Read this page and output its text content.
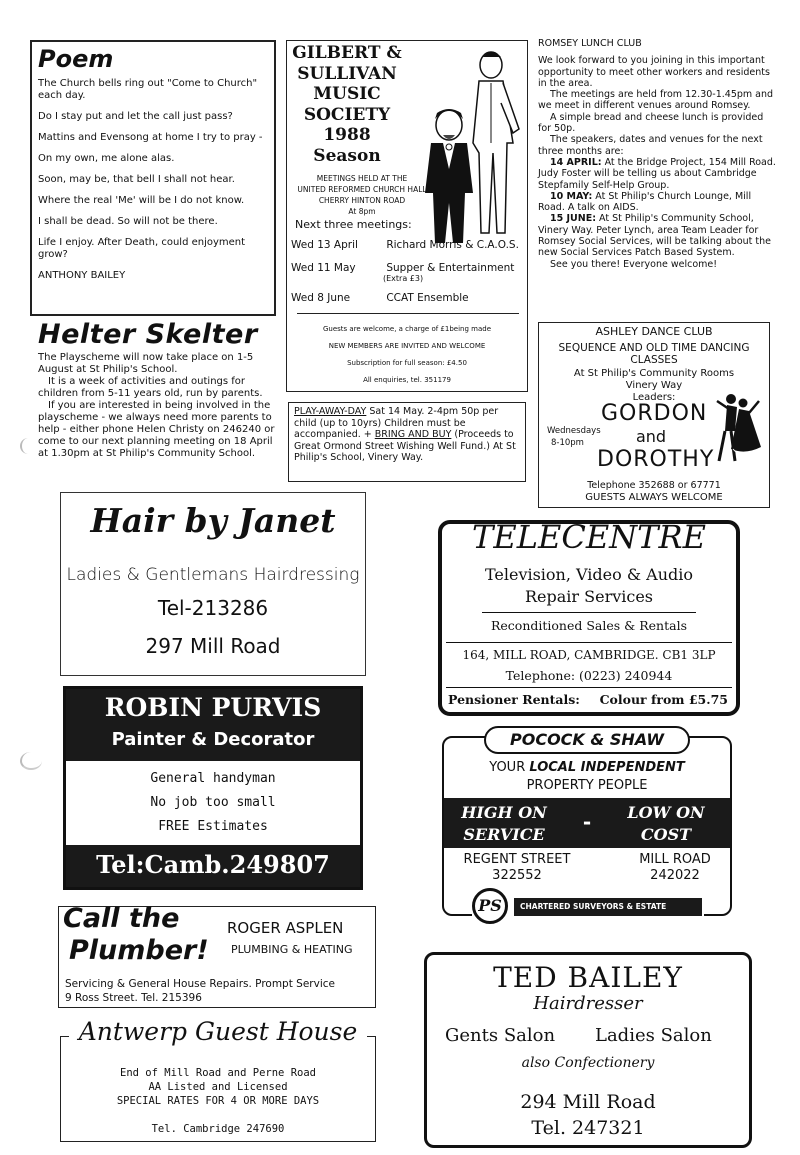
Poem
The Church bells ring out "Come to Church" each day.
Do I stay put and let the call just pass?
Mattins and Evensong at home I try to pray -
On my own, me alone alas.
Soon, may be, that bell I shall not hear.
Where the real 'Me' will be I do not know.
I shall be dead. So will not be there.
Life I enjoy. After Death, could enjoyment grow?
ANTHONY BAILEY
Helter Skelter
The Playscheme will now take place on 1-5 August at St Philip's School.
It is a week of activities and outings for children from 5-11 years old, run by parents.
If you are interested in being involved in the playscheme - we always need more parents to help - either phone Helen Christy on 246240 or come to our next planning meeting on 18 April at 1.30pm at St Philip's Community School.
GILBERT &
SULLIVAN
MUSIC
SOCIETY
1988
Season
MEETINGS HELD AT THE
UNITED REFORMED CHURCH HALL
CHERRY HINTON ROAD
At 8pm
Next three meetings:
Wed 13 April	Richard Morris & C.A.O.S.
Wed 11 May	Supper & Entertainment
(Extra £3)
Wed 8 June	CCAT Ensemble
Guests are welcome, a charge of £1being made
NEW MEMBERS ARE INVITED AND WELCOME
Subscription for full season: £4.50
All enquiries, tel. 351179
PLAY-AWAY-DAY Sat 14 May. 2-4pm 50p per child (up to 10yrs) Children must be accompanied. + BRING AND BUY (Proceeds to Great Ormond Street Wishing Well Fund.) At St Philip's School, Vinery Way.
ROMSEY LUNCH CLUB
We look forward to you joining in this important opportunity to meet other workers and residents in the area.
The meetings are held from 12.30-1.45pm and we meet in different venues around Romsey.
A simple bread and cheese lunch is provided for 50p.
The speakers, dates and venues for the next three months are:
14 APRIL: At the Bridge Project, 154 Mill Road. Judy Foster will be telling us about Cambridge Stepfamily Self-Help Group.
10 MAY: At St Philip's Church Lounge, Mill Road. A talk on AIDS.
15 JUNE: At St Philip's Community School, Vinery Way. Peter Lynch, area Team Leader for Romsey Social Services, will be talking about the new Social Services Patch Based System.
See you there! Everyone welcome!
ASHLEY DANCE CLUB
SEQUENCE AND OLD TIME DANCING CLASSES
At St Philip's Community Rooms
Vinery Way
Leaders:
Wednesdays
8-10pm
GORDON
and
DOROTHY
Telephone 352688 or 67771
GUESTS ALWAYS WELCOME
Hair by Janet
Ladies & Gentlemans Hairdressing
Tel-213286
297 Mill Road
TELECENTRE
Television, Video & Audio
Repair Services
Reconditioned Sales & Rentals
164, MILL ROAD, CAMBRIDGE. CB1 3LP
Telephone: (0223) 240944
Pensioner Rentals: Colour from £5.75
ROBIN PURVIS
Painter & Decorator
General handyman
No job too small
FREE Estimates
Tel:Camb.249807
POCOCK & SHAW
YOUR LOCAL INDEPENDENT
PROPERTY PEOPLE
HIGH ON
SERVICE
-	LOW ON
COST
REGENT STREET
322552
MILL ROAD
242022
PS	CHARTERED SURVEYORS & ESTATE AGENTS
Call the
Plumber!
ROGER ASPLEN
PLUMBING & HEATING
Servicing & General House Repairs. Prompt Service
9 Ross Street. Tel. 215396
Antwerp Guest House
End of Mill Road and Perne Road
AA Listed and Licensed
SPECIAL RATES FOR 4 OR MORE DAYS
Tel. Cambridge 247690
TED BAILEY
Hairdresser
Gents Salon Ladies Salon
also Confectionery
294 Mill Road
Tel. 247321
